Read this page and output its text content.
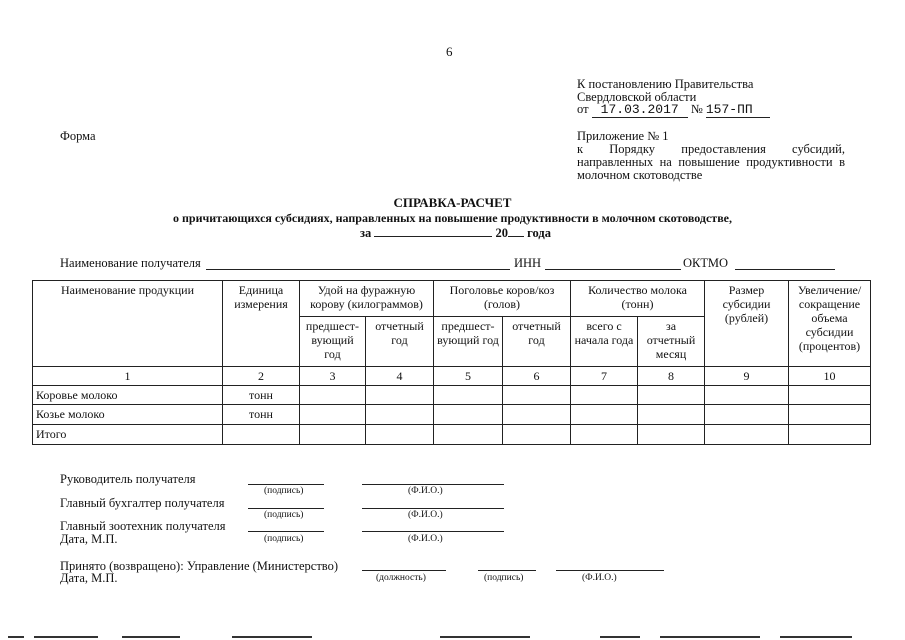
6
К постановлению Правительства
Свердловской области
от 17.03.2017 № 157-ПП
Форма	Приложение № 1
к Порядку предоставления субсидий,
направленных на повышение продуктивности в
молочном скотоводстве
СПРАВКА-РАСЧЕТ
о причитающихся субсидиях, направленных на повышение продуктивности в молочном скотоводстве,
за	20 года
Наименование получателя	ИНН	ОКТМО
Наименование продукции	Единица измерения	Удой на фуражную корову (килограммов)		Поголовье коров/коз (голов)		Количество молока (тонн)		Размер субсидии (рублей)	Увеличение/ сокращение объема субсидии (процентов)
		предшест-вующий год	отчетный год	предшест-вующий год	отчетный год	всего с начала года	за отчетный месяц		
1	2	3	4	5	6	7	8	9	10
Коровье молоко	тонн								
Козье молоко	тонн								
Итого									
Руководитель получателя
(подпись)	(Ф.И.О.)
Главный бухгалтер получателя
(подпись)	(Ф.И.О.)
Главный зоотехник получателя
(подпись)	(Ф.И.О.)
Дата, М.П.
Принято (возвращено): Управление (Министерство)
Дата, М.П.	(должность)	(подпись)	(Ф.И.О.)
